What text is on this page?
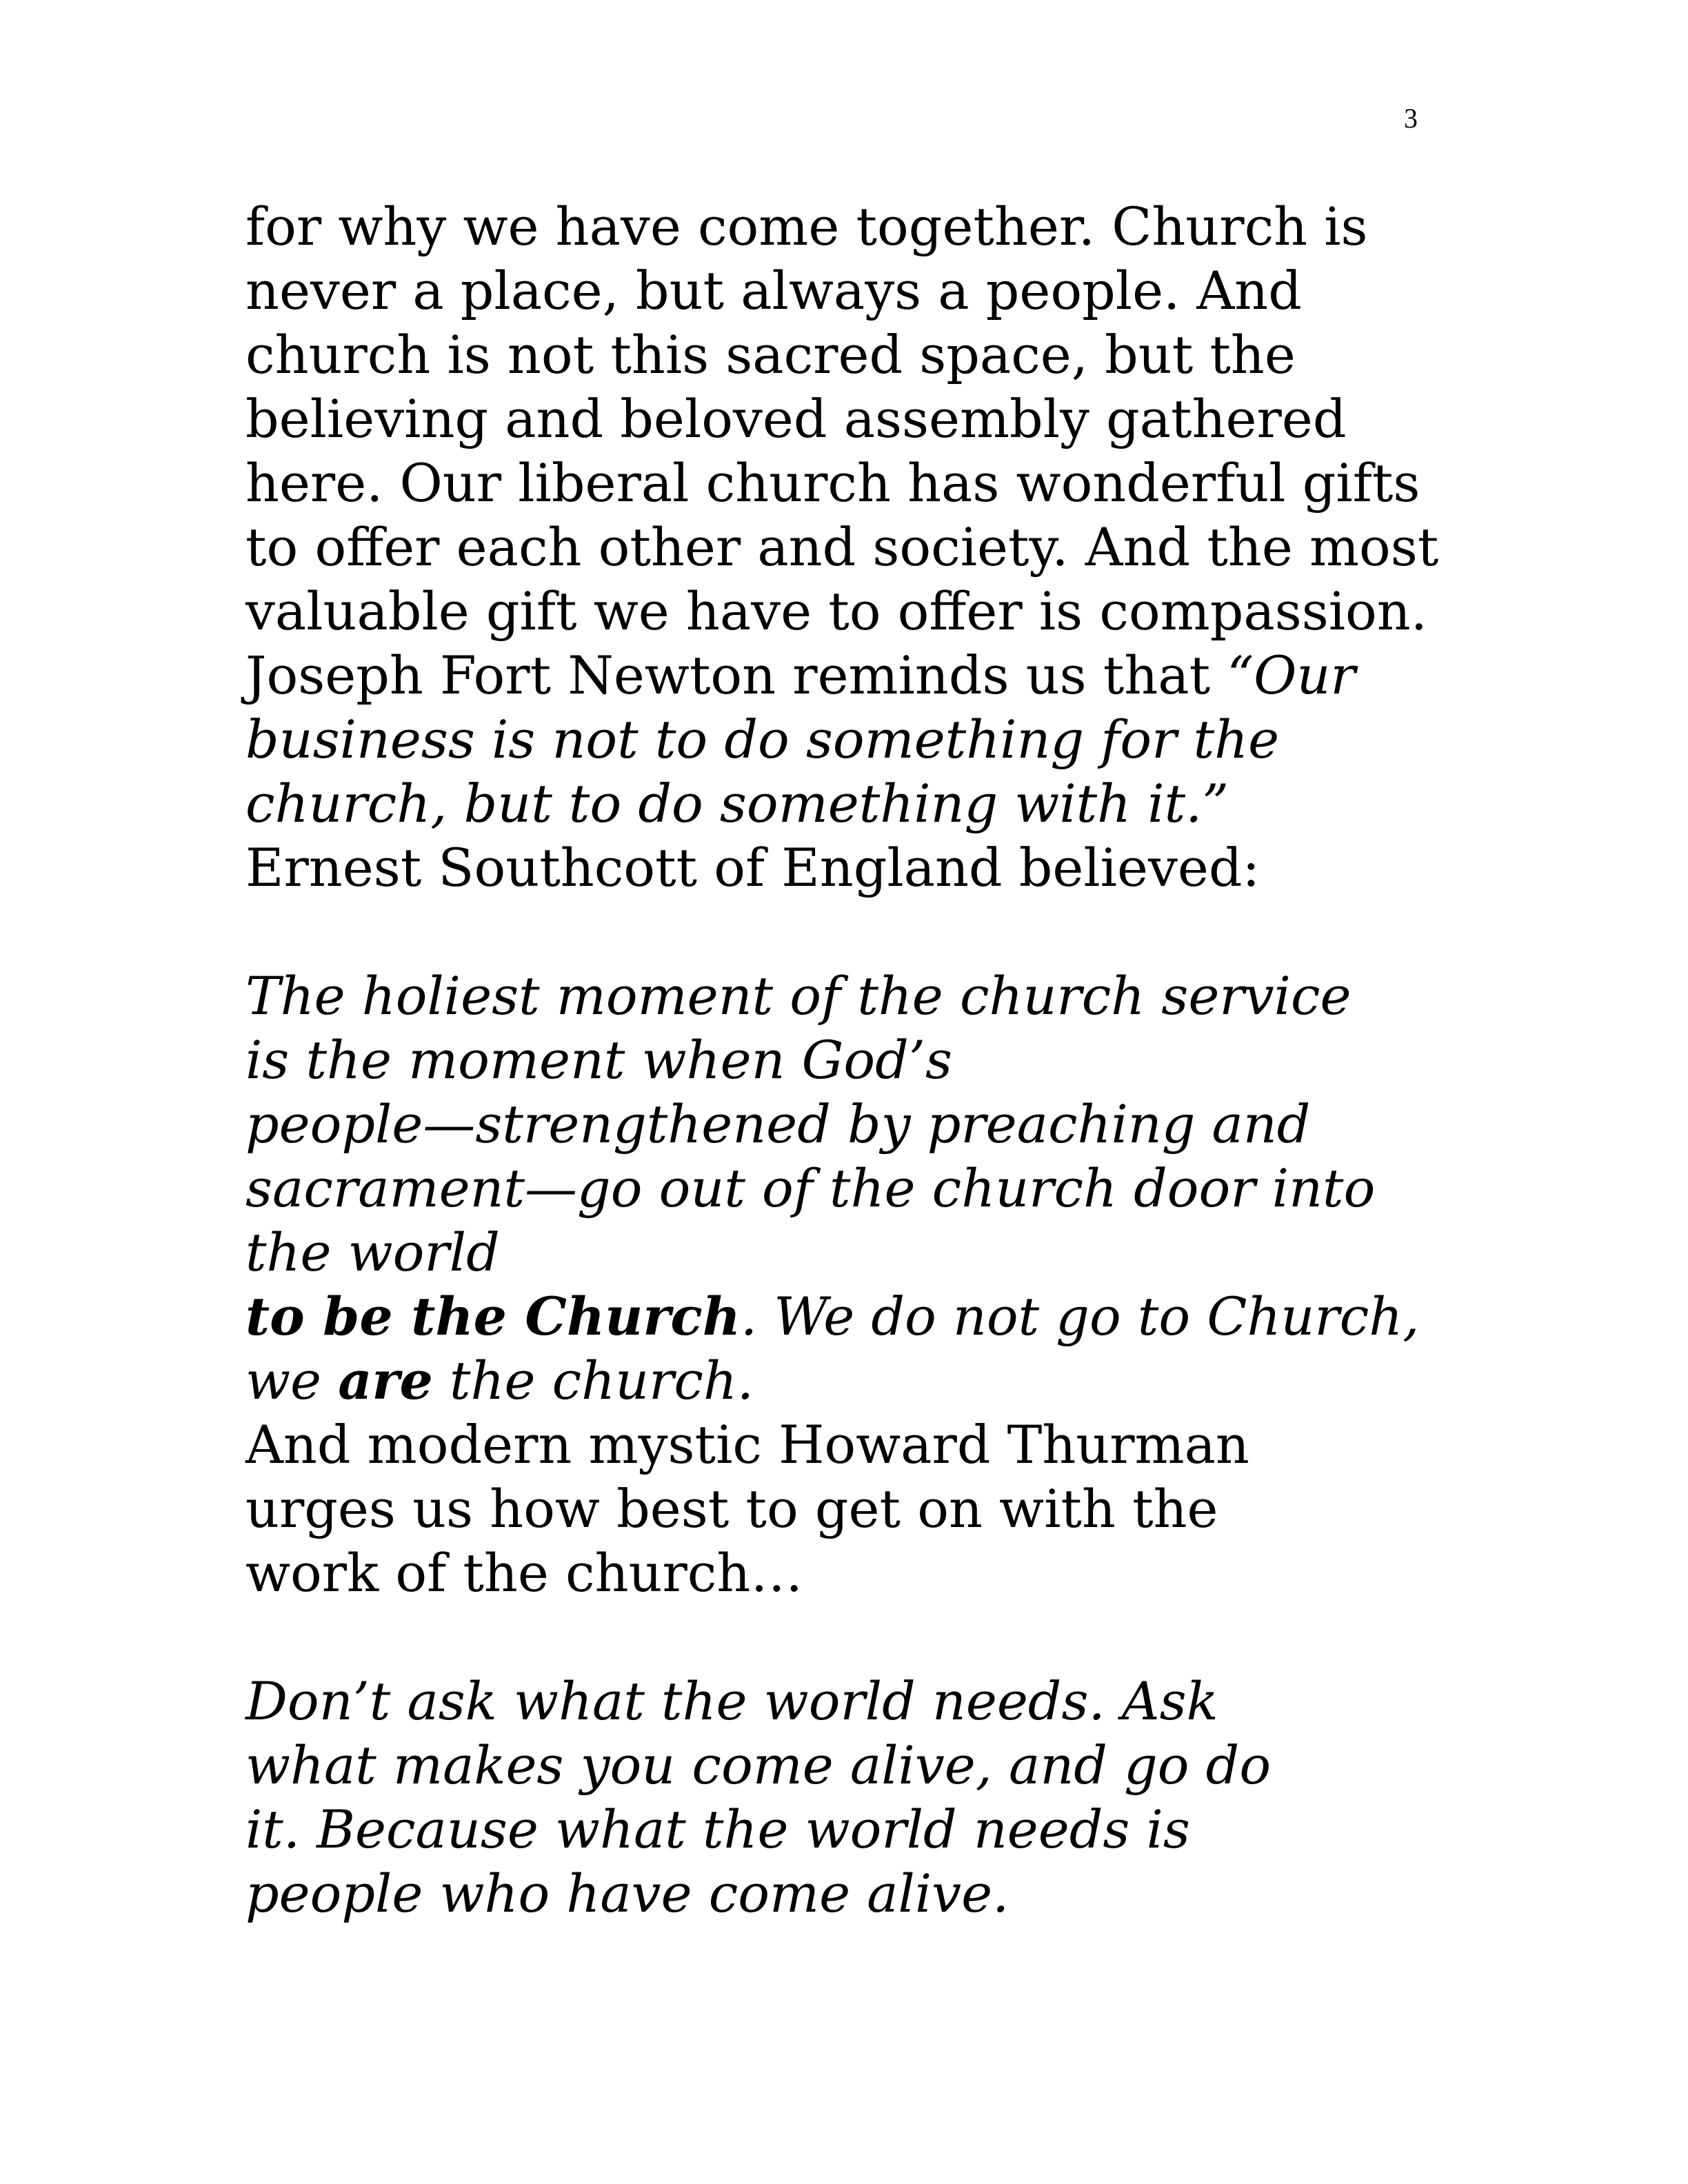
3
for why we have come together. Church is
never a place, but always a people. And
church is not this sacred space, but the
believing and beloved assembly gathered
here. Our liberal church has wonderful gifts
to offer each other and society. And the most
valuable gift we have to offer is compassion.
Joseph Fort Newton reminds us that “Our
business is not to do something for the
church, but to do something with it.”
Ernest Southcott of England believed:
The holiest moment of the church service
is the moment when God’s
people—strengthened by preaching and
sacrament—go out of the church door into
the world
to be the Church. We do not go to Church,
we are the church.
And modern mystic Howard Thurman
urges us how best to get on with the
work of the church…
Don’t ask what the world needs. Ask
what makes you come alive, and go do
it. Because what the world needs is
people who have come alive.
